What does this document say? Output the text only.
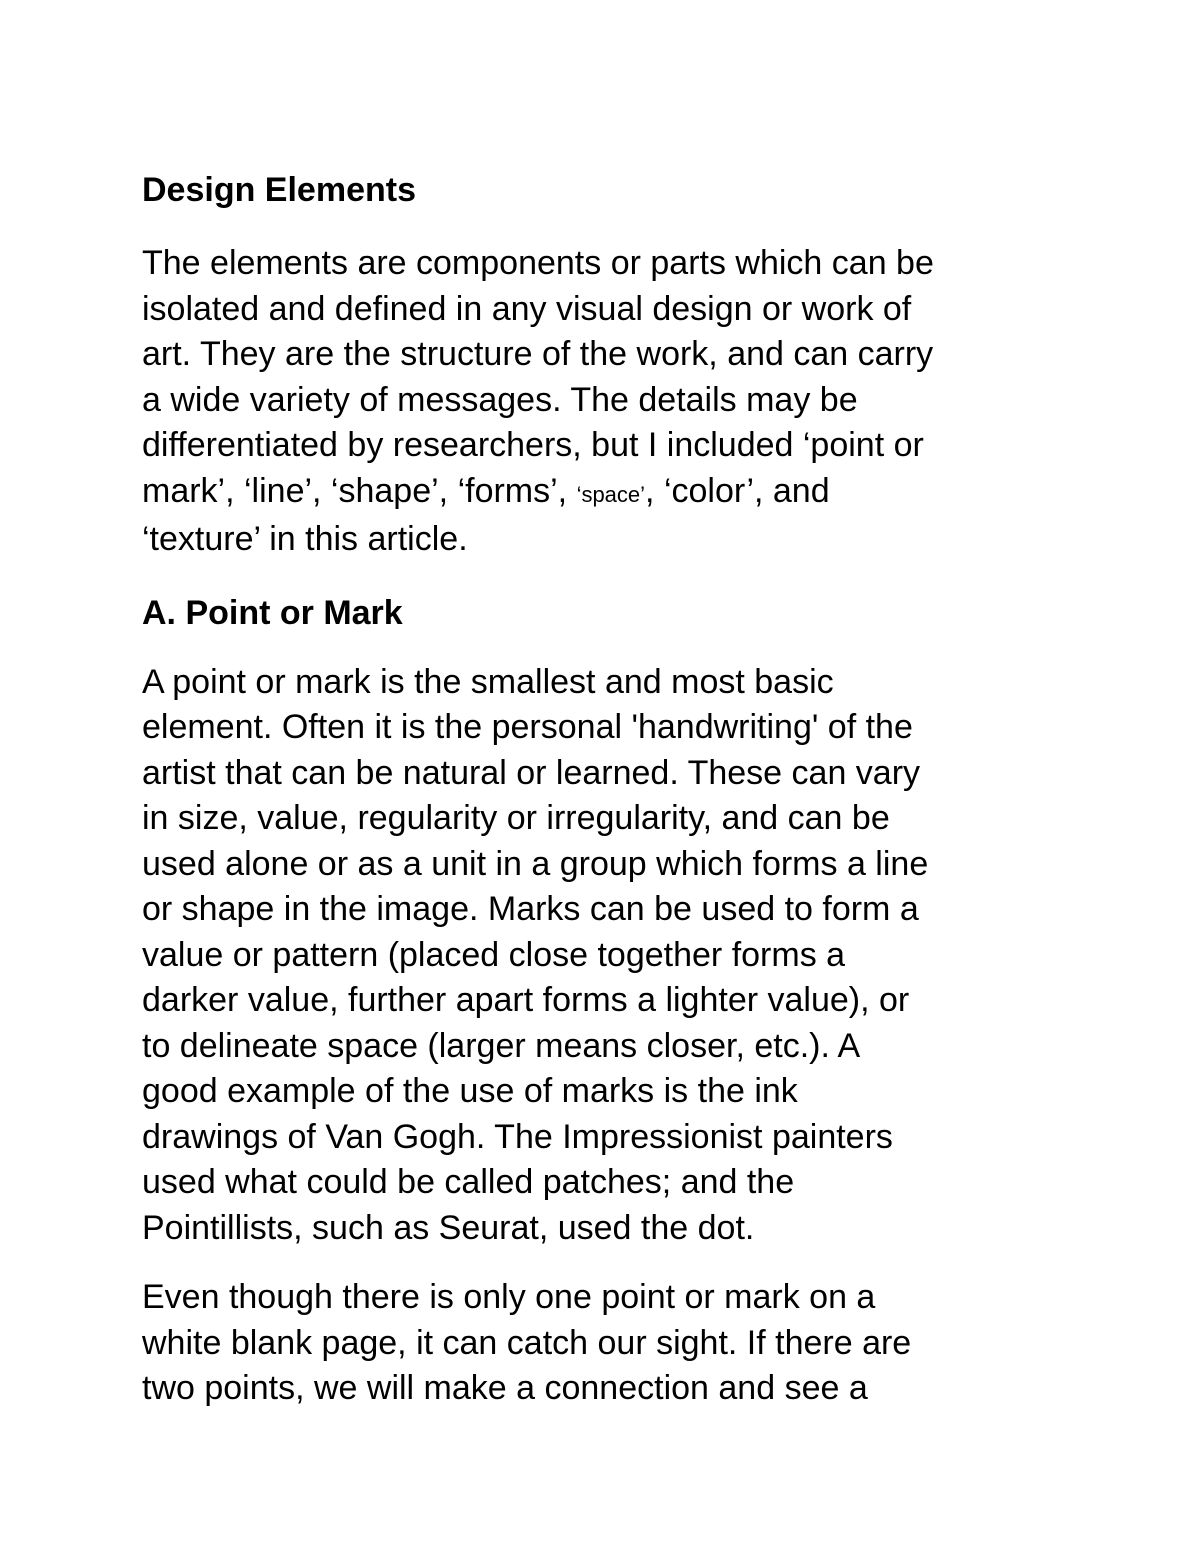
Design Elements

The elements are components or parts which can be
isolated and defined in any visual design or work of
art. They are the structure of the work, and can carry
a wide variety of messages. The details may be
differentiated by researchers, but I included ‘point or
mark’, ‘line’, ‘shape’, ‘forms’, ‘space’, ‘color’, and
‘texture’ in this article.

A. Point or Mark

A point or mark is the smallest and most basic
element. Often it is the personal 'handwriting' of the
artist that can be natural or learned. These can vary
in size, value, regularity or irregularity, and can be
used alone or as a unit in a group which forms a line
or shape in the image. Marks can be used to form a
value or pattern (placed close together forms a
darker value, further apart forms a lighter value), or
to delineate space (larger means closer, etc.). A
good example of the use of marks is the ink
drawings of Van Gogh. The Impressionist painters
used what could be called patches; and the
Pointillists, such as Seurat, used the dot.

Even though there is only one point or mark on a
white blank page, it can catch our sight. If there are
two points, we will make a connection and see a
